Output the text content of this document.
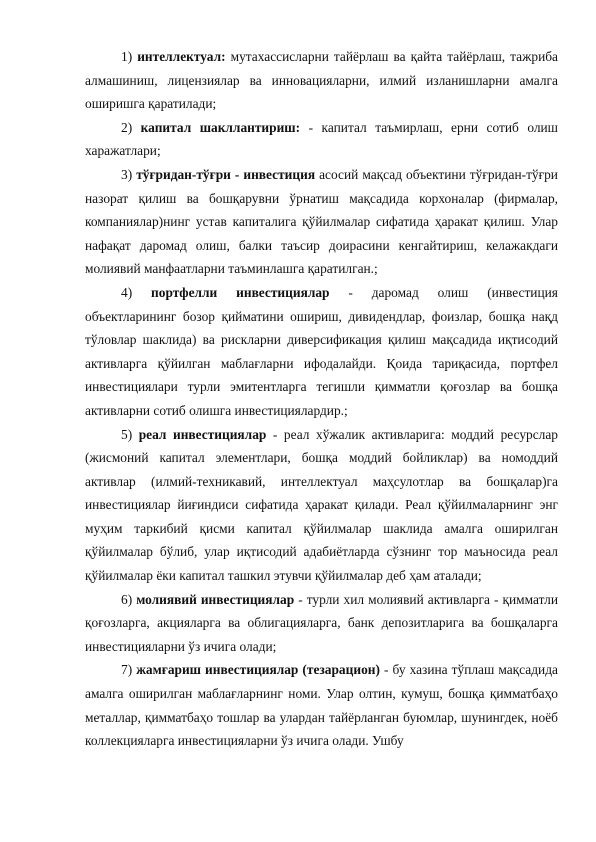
1) интеллектуал: мутахассисларни тайёрлаш ва қайта тайёрлаш, тажриба алмашиниш, лицензиялар ва инновацияларни, илмий изланишларни амалга оширишга қаратилади;

2) капитал шакллантириш: - капитал таъмирлаш, ерни сотиб олиш харажатлари;

3) тўғридан-тўғри - инвестиция асосий мақсад объектини тўғридан-тўғри назорат қилиш ва бошқарувни ўрнатиш мақсадида корхоналар (фирмалар, компаниялар)нинг устав капиталига қўйилмалар сифатида ҳаракат қилиш. Улар нафақат даромад олиш, балки таъсир доирасини кенгайтириш, келажакдаги молиявий манфаатларни таъминлашга қаратилган.;

4) портфелли инвестициялар - даромад олиш (инвестиция объектларининг бозор қийматини ошириш, дивидендлар, фоизлар, бошқа нақд тўловлар шаклида) ва рискларни диверсификация қилиш мақсадида иқтисодий активларга қўйилган маблағларни ифодалайди. Қоида тариқасида, портфел инвестициялари турли эмитентларга тегишли қимматли қоғозлар ва бошқа активларни сотиб олишга инвестициялардир.;

5) реал инвестициялар - реал хўжалик активларига: моддий ресурслар (жисмоний капитал элементлари, бошқа моддий бойликлар) ва номоддий активлар (илмий-техникавий, интеллектуал маҳсулотлар ва бошқалар)га инвестициялар йиғиндиси сифатида ҳаракат қилади. Реал қўйилмаларнинг энг муҳим таркибий қисми капитал қўйилмалар шаклида амалга оширилган қўйилмалар бўлиб, улар иқтисодий адабиётларда сўзнинг тор маъносида реал қўйилмалар ёки капитал ташкил этувчи қўйилмалар деб ҳам аталади;

6) молиявий инвестициялар - турли хил молиявий активларга - қимматли қоғозларга, акцияларга ва облигацияларга, банк депозитларига ва бошқаларга инвестицияларни ўз ичига олади;

7) жамғариш инвестициялар (тезарацион) - бу хазина тўплаш мақсадида амалга оширилган маблағларнинг номи. Улар олтин, кумуш, бошқа қимматбаҳо металлар, қимматбаҳо тошлар ва улардан тайёрланган буюмлар, шунингдек, ноёб коллекцияларга инвестицияларни ўз ичига олади. Ушбу
